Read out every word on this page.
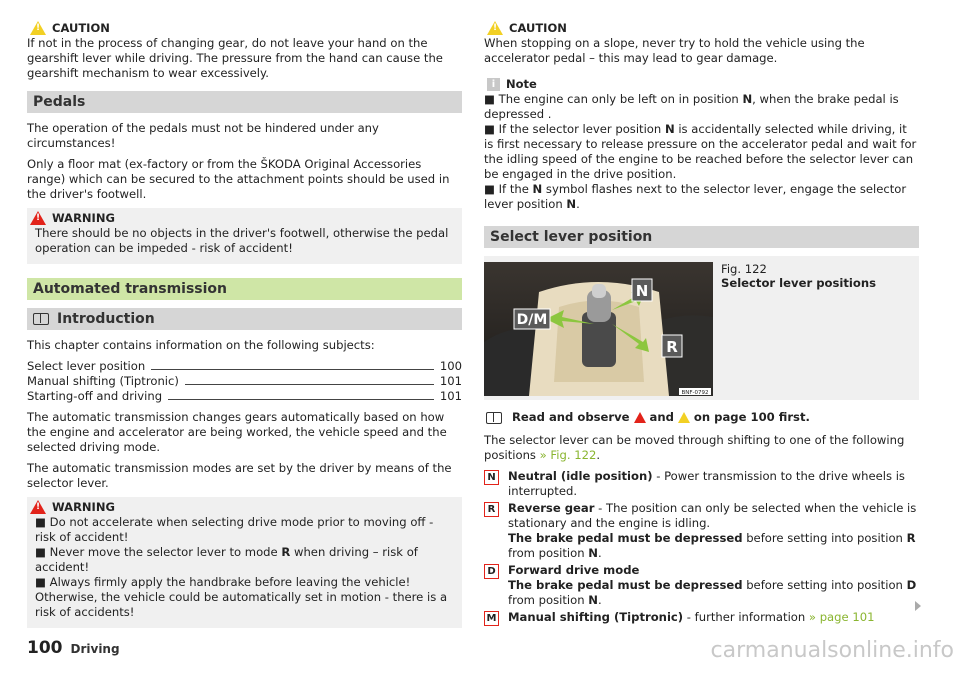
!
CAUTION

If not in the process of changing gear, do not leave your hand on the gearshift lever while driving. The pressure from the hand can cause the gearshift mechanism to wear excessively.

Pedals

The operation of the pedals must not be hindered under any circumstances!

Only a floor mat (ex-factory or from the ŠKODA Original Accessories range) which can be secured to the attachment points should be used in the driver's footwell.

!
WARNING
There should be no objects in the driver's footwell, otherwise the pedal operation can be impeded - risk of accident!
Automated transmission
Introduction

This chapter contains information on the following subjects:

Select lever position	100
Manual shifting (Tiptronic)	101
Starting-off and driving	101

The automatic transmission changes gears automatically based on how the engine and accelerator are being worked, the vehicle speed and the selected driving mode.

The automatic transmission modes are set by the driver by means of the selector lever.

!
WARNING
■ Do not accelerate when selecting drive mode prior to moving off - risk of accident!
■ Never move the selector lever to mode R when driving – risk of accident!
■ Always firmly apply the handbrake before leaving the vehicle! Otherwise, the vehicle could be automatically set in motion - there is a risk of accidents!
!
CAUTION

When stopping on a slope, never try to hold the vehicle using the accelerator pedal – this may lead to gear damage.

i Note
■ The engine can only be left on in position N, when the brake pedal is depressed .
■ If the selector lever position N is accidentally selected while driving, it is first necessary to release pressure on the accelerator pedal and wait for the idling speed of the engine to be reached before the selector lever can be engaged in the drive position.
■ If the N symbol flashes next to the selector lever, engage the selector lever position N.
Select lever position
D/M
N
R
BNF-0792
Fig. 122
Selector lever positions
Read and observe and on page 100 first.

The selector lever can be moved through shifting to one of the following positions » Fig. 122.

N Neutral (idle position) - Power transmission to the drive wheels is interrupted.
R	Reverse gear - The position can only be selected when the vehicle is stationary and the engine is idling.
The brake pedal must be depressed before setting into position R from position N.
D Forward drive mode
The brake pedal must be depressed before setting into position D from position N.
M Manual shifting (Tiptronic) - further information » page 101
100 Driving	carmanualsonline.info
